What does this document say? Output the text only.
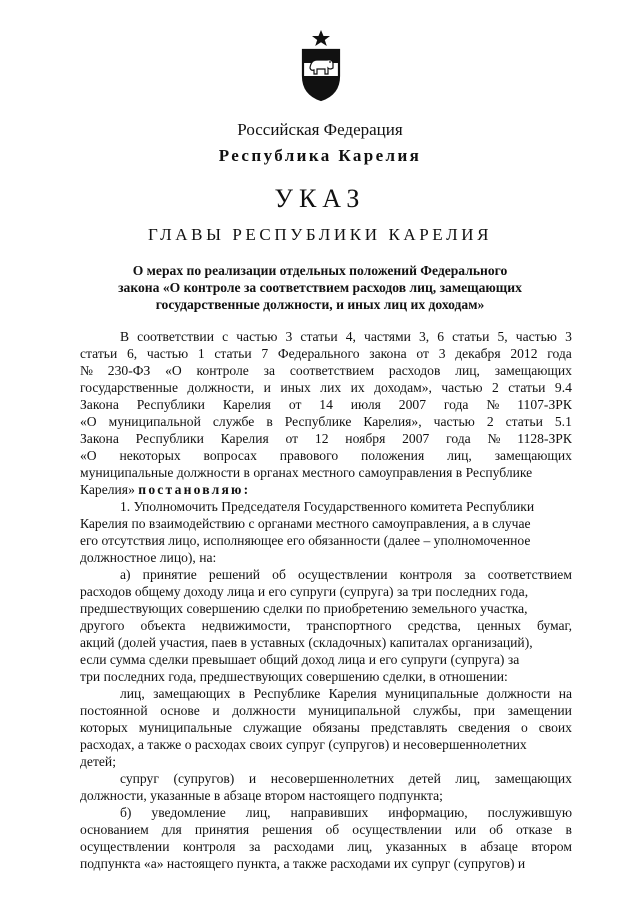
Российская Федерация
Республика Карелия
УКАЗ
ГЛАВЫ РЕСПУБЛИКИ КАРЕЛИЯ
О мерах по реализации отдельных положений Федерального
закона «О контроле за соответствием расходов лиц, замещающих
государственные должности, и иных лиц их доходам»
В соответствии с частью 3 статьи 4, частями 3, 6 статьи 5, частью 3
статьи 6, частью 1 статьи 7 Федерального закона от 3 декабря 2012 года
№ 230-ФЗ «О контроле за соответствием расходов лиц, замещающих
государственные должности, и иных лих их доходам», частью 2 статьи 9.4
Закона Республики Карелия от 14 июля 2007 года № 1107-ЗРК
«О муниципальной службе в Республике Карелия», частью 2 статьи 5.1
Закона Республики Карелия от 12 ноября 2007 года № 1128-ЗРК
«О некоторых вопросах правового положения лиц, замещающих
муниципальные должности в органах местного самоуправления в Республике
Карелия» постановляю:
1. Уполномочить Председателя Государственного комитета Республики
Карелия по взаимодействию с органами местного самоуправления, а в случае
его отсутствия лицо, исполняющее его обязанности (далее – уполномоченное
должностное лицо), на:
а) принятие решений об осуществлении контроля за соответствием
расходов общему доходу лица и его супруги (супруга) за три последних года,
предшествующих совершению сделки по приобретению земельного участка,
другого объекта недвижимости, транспортного средства, ценных бумаг,
акций (долей участия, паев в уставных (складочных) капиталах организаций),
если сумма сделки превышает общий доход лица и его супруги (супруга) за
три последних года, предшествующих совершению сделки, в отношении:
лиц, замещающих в Республике Карелия муниципальные должности на
постоянной основе и должности муниципальной службы, при замещении
которых муниципальные служащие обязаны представлять сведения о своих
расходах, а также о расходах своих супруг (супругов) и несовершеннолетних
детей;
супруг (супругов) и несовершеннолетних детей лиц, замещающих
должности, указанные в абзаце втором настоящего подпункта;
б) уведомление лиц, направивших информацию, послужившую
основанием для принятия решения об осуществлении или об отказе в
осуществлении контроля за расходами лиц, указанных в абзаце втором
подпункта «а» настоящего пункта, а также расходами их супруг (супругов) и
